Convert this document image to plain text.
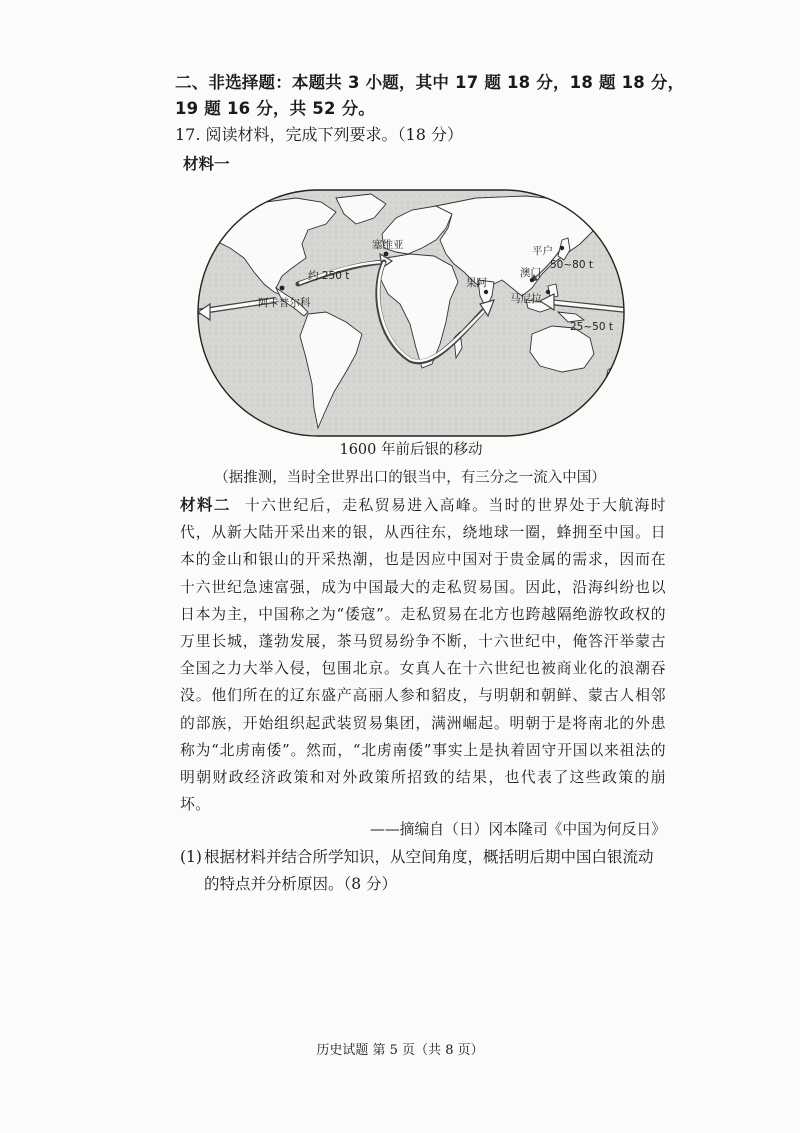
二、非选择题：本题共 3 小题，其中 17 题 18 分，18 题 18 分，19 题 16 分，共 52 分。
17. 阅读材料，完成下列要求。（18 分）
材料一
塞维亚
阿卡普尔科
约 250 t
果阿
平户
澳门
50~80 t
马尼拉
25~50 t
1600 年前后银的移动
（据推测，当时全世界出口的银当中，有三分之一流入中国）
材料二 十六世纪后，走私贸易进入高峰。当时的世界处于大航海时代，从新大陆开采出来的银，从西往东，绕地球一圈，蜂拥至中国。日本的金山和银山的开采热潮，也是因应中国对于贵金属的需求，因而在十六世纪急速富强，成为中国最大的走私贸易国。因此，沿海纠纷也以日本为主，中国称之为“倭寇”。走私贸易在北方也跨越隔绝游牧政权的万里长城，蓬勃发展，茶马贸易纷争不断，十六世纪中，俺答汗举蒙古全国之力大举入侵，包围北京。女真人在十六世纪也被商业化的浪潮吞没。他们所在的辽东盛产高丽人参和貂皮，与明朝和朝鲜、蒙古人相邻的部族，开始组织起武装贸易集团，满洲崛起。明朝于是将南北的外患称为“北虏南倭”。然而，“北虏南倭”事实上是执着固守开国以来祖法的明朝财政经济政策和对外政策所招致的结果，也代表了这些政策的崩坏。
——摘编自（日）冈本隆司《中国为何反日》
(1) 根据材料并结合所学知识，从空间角度，概括明后期中国白银流动
的特点并分析原因。（8 分）
历史试题 第 5 页（共 8 页）
